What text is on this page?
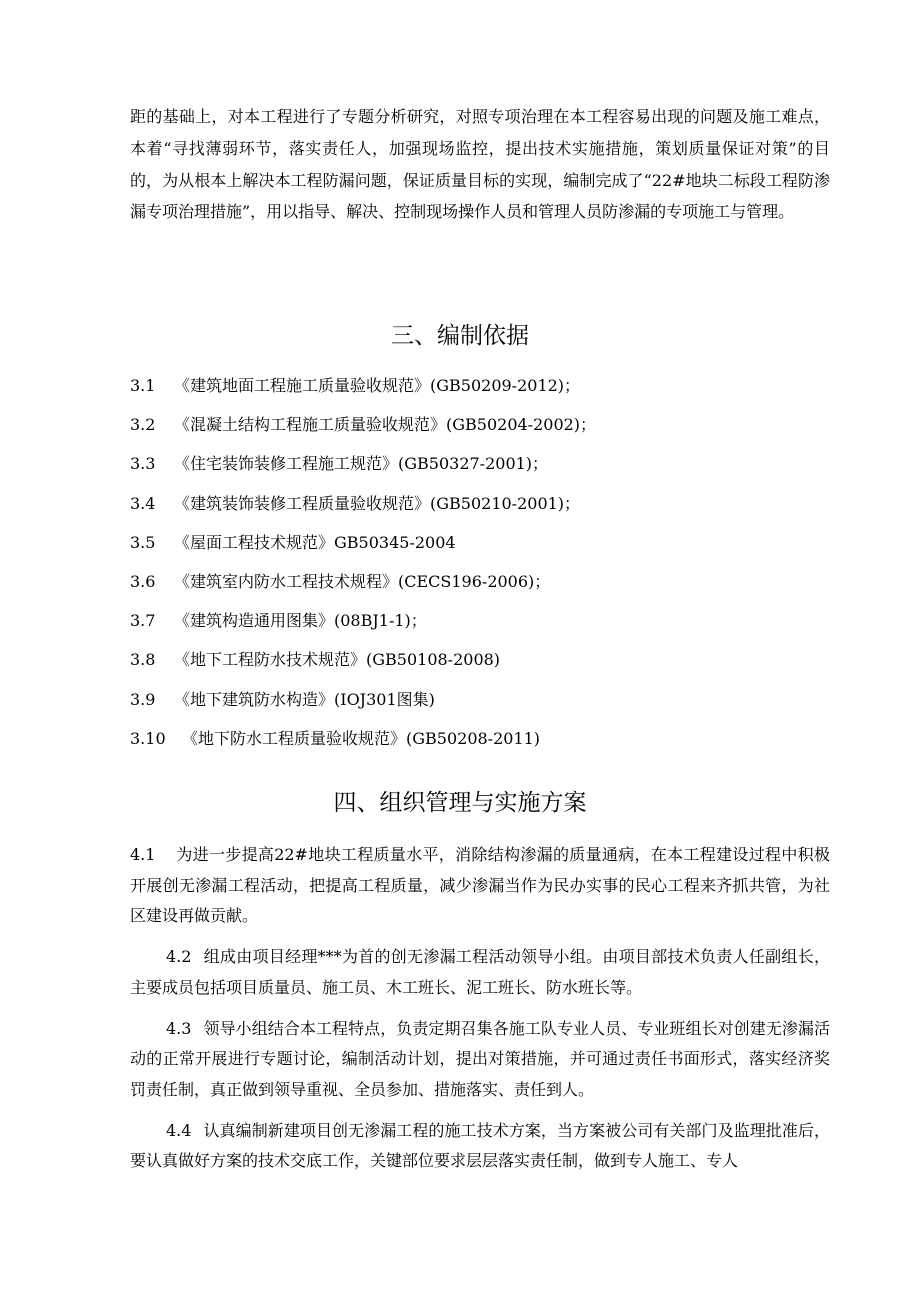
距的基础上，对本工程进行了专题分析研究，对照专项治理在本工程容易出现的问题及施工难点，本着“寻找薄弱环节，落实责任人，加强现场监控，提出技术实施措施，策划质量保证对策”的目的，为从根本上解决本工程防漏问题，保证质量目标的实现，编制完成了“22#地块二标段工程防渗漏专项治理措施”，用以指导、解决、控制现场操作人员和管理人员防渗漏的专项施工与管理。

三、编制依据
3.1 《建筑地面工程施工质量验收规范》(GB50209-2012)；
3.2 《混凝土结构工程施工质量验收规范》(GB50204-2002)；
3.3 《住宅装饰装修工程施工规范》(GB50327-2001)；
3.4 《建筑装饰装修工程质量验收规范》(GB50210-2001)；
3.5 《屋面工程技术规范》GB50345-2004
3.6 《建筑室内防水工程技术规程》(CECS196-2006)；
3.7 《建筑构造通用图集》(08BJ1-1)；
3.8 《地下工程防水技术规范》(GB50108-2008)
3.9 《地下建筑防水构造》(IOJ301图集)
3.10 《地下防水工程质量验收规范》(GB50208-2011)
四、组织管理与实施方案

4.1 为进一步提高22#地块工程质量水平，消除结构渗漏的质量通病，在本工程建设过程中积极开展创无渗漏工程活动，把提高工程质量，减少渗漏当作为民办实事的民心工程来齐抓共管，为社区建设再做贡献。

4.2 组成由项目经理***为首的创无渗漏工程活动领导小组。由项目部技术负责人任副组长，主要成员包括项目质量员、施工员、木工班长、泥工班长、防水班长等。

4.3 领导小组结合本工程特点，负责定期召集各施工队专业人员、专业班组长对创建无渗漏活动的正常开展进行专题讨论，编制活动计划，提出对策措施，并可通过责任书面形式，落实经济奖罚责任制，真正做到领导重视、全员参加、措施落实、责任到人。

4.4 认真编制新建项目创无渗漏工程的施工技术方案，当方案被公司有关部门及监理批准后，要认真做好方案的技术交底工作，关键部位要求层层落实责任制，做到专人施工、专人
